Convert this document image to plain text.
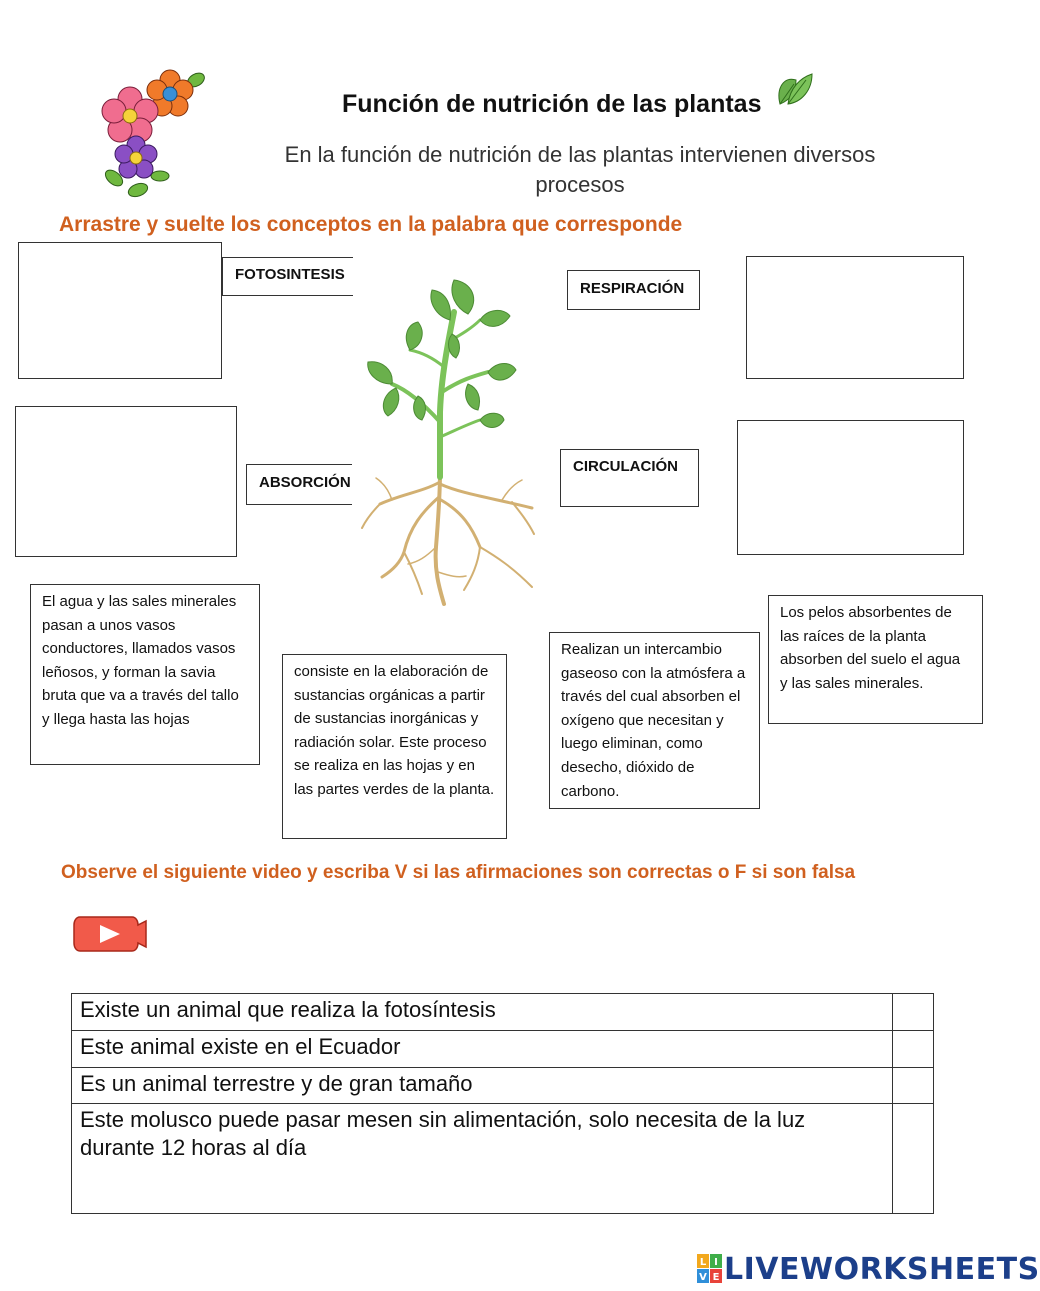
Función de nutrición de las plantas
En la función de nutrición de las plantas intervienen diversos procesos
Arrastre y suelte los conceptos en la palabra que corresponde
FOTOSINTESIS
RESPIRACIÓN
ABSORCIÓN
CIRCULACIÓN
El agua y las sales minerales pasan a unos vasos conductores, llamados vasos leñosos, y forman la savia bruta que va a través del tallo y llega hasta las hojas
consiste en la elaboración de sustancias orgánicas a partir de sustancias inorgánicas y radiación solar. Este proceso se realiza en las hojas y en las partes verdes de la planta.
Realizan un intercambio gaseoso con la atmósfera a través del cual absorben el oxígeno que necesitan y luego eliminan, como desecho, dióxido de carbono.
Los pelos absorbentes de las raíces de la planta absorben del suelo el agua y las sales minerales.
Observe el siguiente video y escriba V si las afirmaciones son correctas o F si son falsa
Existe un animal que realiza la fotosíntesis	
Este animal existe en el Ecuador	
Es un animal terrestre y de gran tamaño	
Este molusco puede pasar mesen sin alimentación, solo necesita de la luz durante 12 horas al día	
L I
V E LIVEWORKSHEETS
